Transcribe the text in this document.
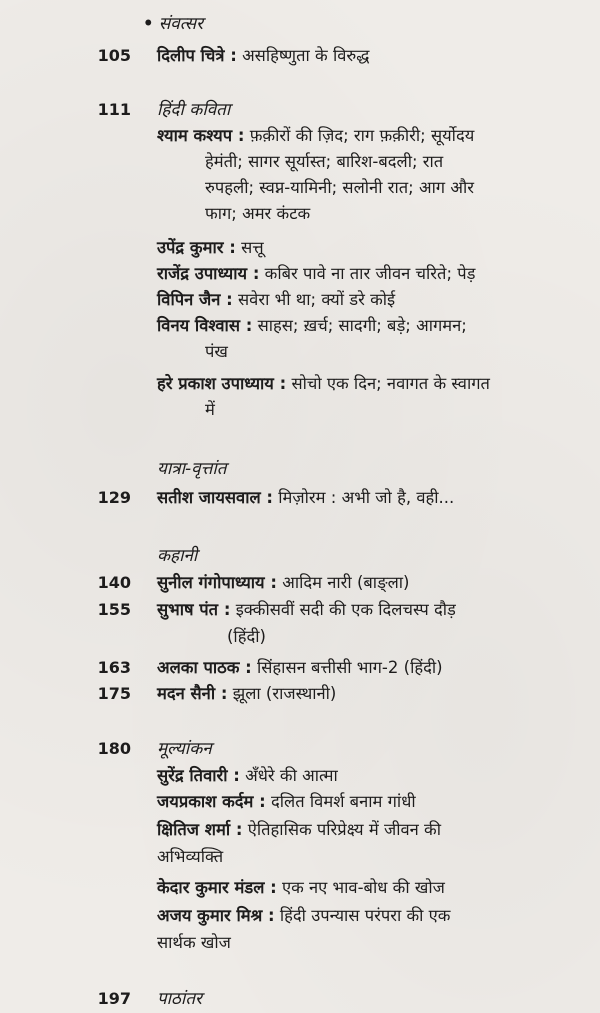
• संवत्सर
105 दिलीप चित्रे : असहिष्णुता के विरुद्ध
111 हिंदी कविता
श्याम कश्यप : फ़क़ीरों की ज़िद; राग फ़क़ीरी; सूर्योदय
हेमंती; सागर सूर्यास्त; बारिश-बदली; रात
रुपहली; स्वप्न-यामिनी; सलोनी रात; आग और
फाग; अमर कंटक
उपेंद्र कुमार : सत्तू
राजेंद्र उपाध्याय : कबिर पावे ना तार जीवन चरिते; पेड़
विपिन जैन : सवेरा भी था; क्यों डरे कोई
विनय विश्वास : साहस; ख़र्च; सादगी; बड़े; आगमन;
पंख
हरे प्रकाश उपाध्याय : सोचो एक दिन; नवागत के स्वागत
में
यात्रा-वृत्तांत
129 सतीश जायसवाल : मिज़ोरम : अभी जो है, वही...
कहानी
140 सुनील गंगोपाध्याय : आदिम नारी (बाङ्ला)
155 सुभाष पंत : इक्कीसवीं सदी की एक दिलचस्प दौड़
(हिंदी)
163 अलका पाठक : सिंहासन बत्तीसी भाग-2 (हिंदी)
175 मदन सैनी : झूला (राजस्थानी)
180 मूल्यांकन
सुरेंद्र तिवारी : अँधेरे की आत्मा
जयप्रकाश कर्दम : दलित विमर्श बनाम गांधी
क्षितिज शर्मा : ऐतिहासिक परिप्रेक्ष्य में जीवन की
अभिव्यक्ति
केदार कुमार मंडल : एक नए भाव-बोध की खोज
अजय कुमार मिश्र : हिंदी उपन्यास परंपरा की एक
सार्थक खोज
197 पाठांतर
